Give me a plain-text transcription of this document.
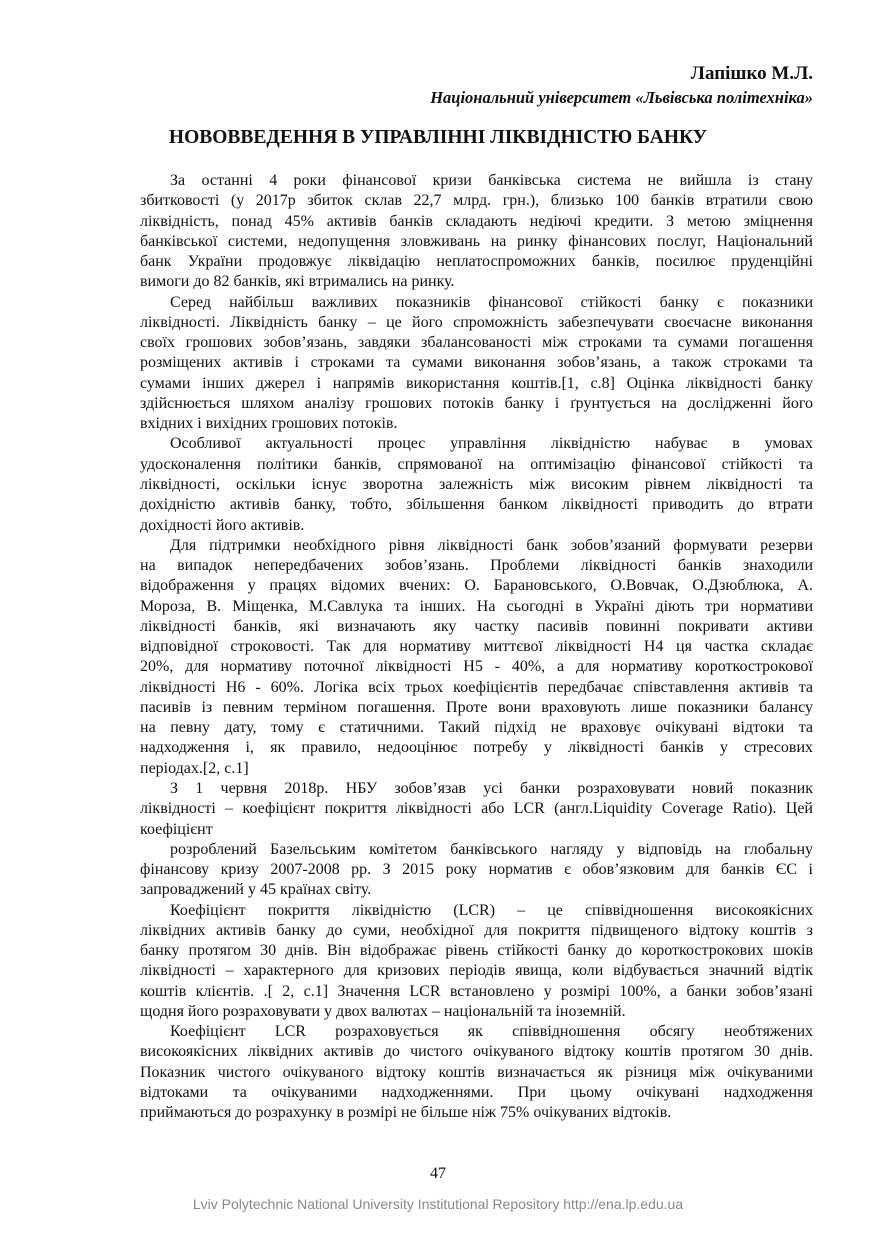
Лапішко М.Л.
Національний університет «Львівська політехніка»
НОВОВВЕДЕННЯ В УПРАВЛІННІ ЛІКВІДНІСТЮ БАНКУ
За останні 4 роки фінансової кризи банківська система не вийшла із стану
збитковості (у 2017р збиток склав 22,7 млрд. грн.), близько 100 банків втратили свою
ліквідність, понад 45% активів банків складають недіючі кредити. З метою зміцнення
банківської системи, недопущення зловживань на ринку фінансових послуг, Національний
банк України продовжує ліквідацію неплатоспроможних банків, посилює пруденційні
вимоги до 82 банків, які втримались на ринку.
Серед найбільш важливих показників фінансової стійкості банку є показники
ліквідності. Ліквідність банку – це його спроможність забезпечувати своєчасне виконання
своїх грошових зобов’язань, завдяки збалансованості між строками та сумами погашення
розміщених активів і строками та сумами виконання зобов’язань, а також строками та
сумами інших джерел і напрямів використання коштів.[1, с.8] Оцінка ліквідності банку
здійснюється шляхом аналізу грошових потоків банку і ґрунтується на дослідженні його
вхідних і вихідних грошових потоків.
Особливої актуальності процес управління ліквідністю набуває в умовах
удосконалення політики банків, спрямованої на оптимізацію фінансової стійкості та
ліквідності, оскільки існує зворотна залежність між високим рівнем ліквідності та
дохідністю активів банку, тобто, збільшення банком ліквідності приводить до втрати
дохідності його активів.
Для підтримки необхідного рівня ліквідності банк зобов’язаний формувати резерви
на випадок непередбачених зобов’язань. Проблеми ліквідності банків знаходили
відображення у працях відомих вчених: О. Барановського, О.Вовчак, О.Дзюблюка, А.
Мороза, В. Міщенка, М.Савлука та інших. На сьогодні в Україні діють три нормативи
ліквідності банків, які визначають яку частку пасивів повинні покривати активи
відповідної строковості. Так для нормативу миттєвої ліквідності Н4 ця частка складає
20%, для нормативу поточної ліквідності Н5 - 40%, а для нормативу короткострокової
ліквідності Н6 - 60%. Логіка всіх трьох коефіцієнтів передбачає співставлення активів та
пасивів із певним терміном погашення. Проте вони враховують лише показники балансу
на певну дату, тому є статичними. Такий підхід не враховує очікувані відтоки та
надходження і, як правило, недооцінює потребу у ліквідності банків у стресових
періодах.[2, с.1]
З 1 червня 2018р. НБУ зобов’язав усі банки розраховувати новий показник
ліквідності – коефіцієнт покриття ліквідності або LCR (англ.Liquidity Coverage Ratio). Цей
коефіцієнт
розроблений Базельським комітетом банківського нагляду у відповідь на глобальну
фінансову кризу 2007-2008 рр. З 2015 року норматив є обов’язковим для банків ЄС і
запроваджений у 45 країнах світу.
Коефіцієнт покриття ліквідністю (LCR) – це співвідношення високоякісних
ліквідних активів банку до суми, необхідної для покриття підвищеного відтоку коштів з
банку протягом 30 днів. Він відображає рівень стійкості банку до короткострокових шоків
ліквідності – характерного для кризових періодів явища, коли відбувається значний відтік
коштів клієнтів. .[ 2, с.1] Значення LCR встановлено у розмірі 100%, а банки зобов’язані
щодня його розраховувати у двох валютах – національній та іноземній.
Коефіцієнт LCR розраховується як співвідношення обсягу необтяжених
високоякісних ліквідних активів до чистого очікуваного відтоку коштів протягом 30 днів.
Показник чистого очікуваного відтоку коштів визначається як різниця між очікуваними
відтоками та очікуваними надходженнями. При цьому очікувані надходження
приймаються до розрахунку в розмірі не більше ніж 75% очікуваних відтоків.
47
Lviv Polytechnic National University Institutional Repository http://ena.lp.edu.ua
